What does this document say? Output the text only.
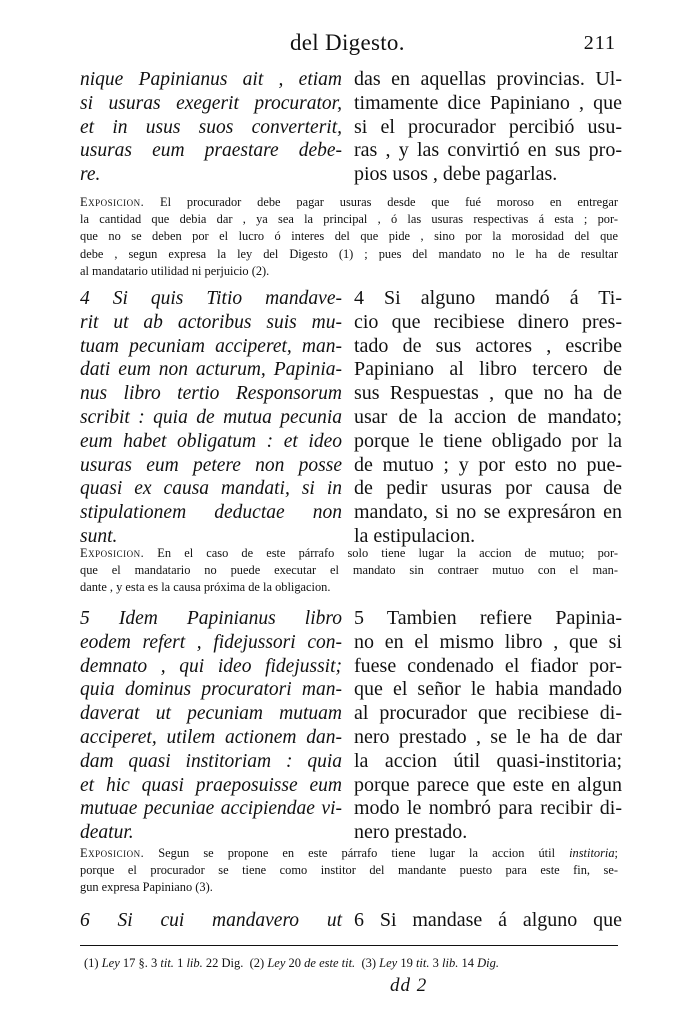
del Digesto.	211
nique Papinianus ait , etiam
si usuras exegerit procurator,
et in usus suos converterit,
usuras eum praestare debe-
re.
das en aquellas provincias. Ul-
timamente dice Papiniano , que
si el procurador percibió usu-
ras , y las convirtió en sus pro-
pios usos , debe pagarlas.
Exposicion. El procurador debe pagar usuras desde que fué moroso en entregar
la cantidad que debia dar , ya sea la principal , ó las usuras respectivas á esta ; por-
que no se deben por el lucro ó interes del que pide , sino por la morosidad del que
debe , segun expresa la ley del Digesto (1) ; pues del mandato no le ha de resultar
al mandatario utilidad ni perjuicio (2).
4 Si quis Titio mandave-
rit ut ab actoribus suis mu-
tuam pecuniam acciperet, man-
dati eum non acturum, Papinia-
nus libro tertio Responsorum
scribit : quia de mutua pecunia
eum habet obligatum : et ideo
usuras eum petere non posse
quasi ex causa mandati, si in
stipulationem deductae non
sunt.
4 Si alguno mandó á Ti-
cio que recibiese dinero pres-
tado de sus actores , escribe
Papiniano al libro tercero de
sus Respuestas , que no ha de
usar de la accion de mandato;
porque le tiene obligado por la
de mutuo ; y por esto no pue-
de pedir usuras por causa de
mandato, si no se expresáron en
la estipulacion.
Exposicion. En el caso de este párrafo solo tiene lugar la accion de mutuo; por-
que el mandatario no puede executar el mandato sin contraer mutuo con el man-
dante , y esta es la causa próxima de la obligacion.
5 Idem Papinianus libro
eodem refert , fidejussori con-
demnato , qui ideo fidejussit;
quia dominus procuratori man-
daverat ut pecuniam mutuam
acciperet, utilem actionem dan-
dam quasi institoriam : quia
et hic quasi praeposuisse eum
mutuae pecuniae accipiendae vi-
deatur.
5 Tambien refiere Papinia-
no en el mismo libro , que si
fuese condenado el fiador por-
que el señor le habia mandado
al procurador que recibiese di-
nero prestado , se le ha de dar
la accion útil quasi-institoria;
porque parece que este en algun
modo le nombró para recibir di-
nero prestado.
Exposicion. Segun se propone en este párrafo tiene lugar la accion útil institoria;
porque el procurador se tiene como institor del mandante puesto para este fin, se-
gun expresa Papiniano (3).
6 Si cui mandavero ut 6 Si mandase á alguno que
(1) Ley 17 §. 3 tit. 1 lib. 22 Dig. (2) Ley 20 de este tit. (3) Ley 19 tit. 3 lib. 14 Dig.
dd 2
